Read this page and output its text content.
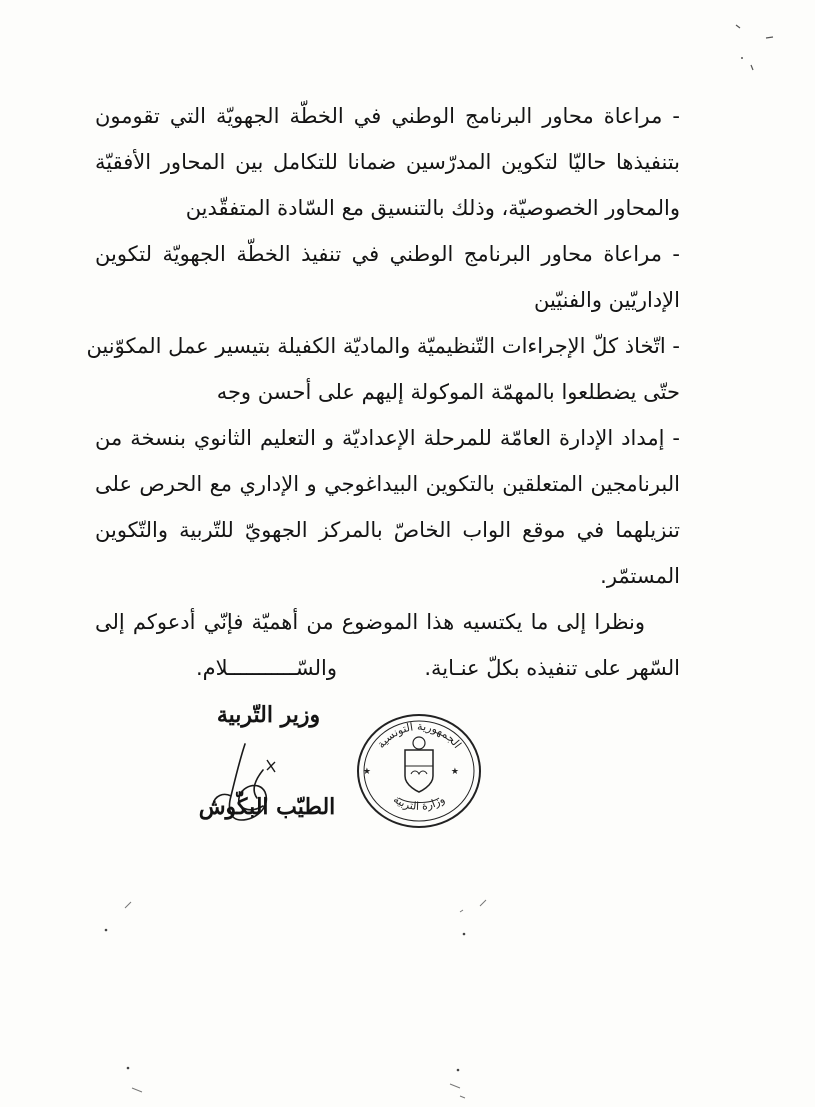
- مراعاة محاور البرنامج الوطني في الخطّة الجهويّة التي تقومون
بتنفيذها حاليّا لتكوين المدرّسين ضمانا للتكامل بين المحاور الأفقيّة
والمحاور الخصوصيّة، وذلك بالتنسيق مع السّادة المتفقّدين
- مراعاة محاور البرنامج الوطني في تنفيذ الخطّة الجهويّة لتكوين
الإداريّين والفنيّين
- اتّخاذ كلّ الإجراءات التّنظيميّة والماديّة الكفيلة بتيسير عمل المكوّنين
حتّى يضطلعوا بالمهمّة الموكولة إليهم على أحسن وجه
- إمداد الإدارة العامّة للمرحلة الإعداديّة و التعليم الثانوي بنسخة من
البرنامجين المتعلقين بالتكوين البيداغوجي و الإداري مع الحرص على
تنزيلهما في موقع الواب الخاصّ بالمركز الجهويّ للتّربية والتّكوين
المستمّر.
ونظرا إلى ما يكتسيه هذا الموضوع من أهميّة فإنّي أدعوكم إلى
السّهر على تنفيذه بكلّ عنـاية.
والسّـــــــــــلام.
وزير التّربية
الطيّب البكّوش
الجمهورية التونسية
وزارة التربية
★	★
